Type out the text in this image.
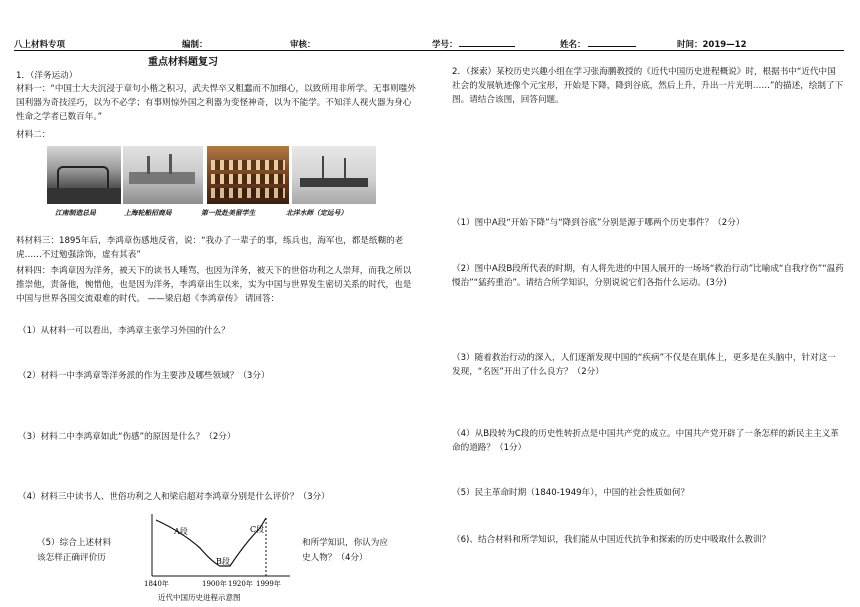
八上材料专项	编制：	审核：	学号：	姓名：	时间：2019—12
重点材料题复习
1．（洋务运动）
材料一：“中国士大夫沉浸于章句小楷之积习，武夫悍卒又粗蠢而不加细心，以致所用非所学。无事则嗤外国利器为奇技淫巧，以为不必学；有事则惊外国之利器为变怪神奇，以为不能学。不知洋人视火器为身心性命之学者已数百年。”
材料二：
江南制造总局	上海轮船招商局	第一批赴美留学生	北洋水师（定远号）
料材料三：1895年后，李鸿章伤感地反省，说：“我办了一辈子的事，练兵也，海军也，都是纸糊的老虎……不过勉强涂饰，虚有其表”
材料四：李鸿章因为洋务，被天下的读书人唾骂，也因为洋务，被天下的世俗功利之人崇拜，而我之所以推崇他，责备他，惋惜他，也是因为洋务，李鸿章出生以来，实为中国与世界发生密切关系的时代，也是中国与世界各国交流艰难的时代。 ——梁启超《李鸿章传》 请回答：
（1）从材料一可以看出，李鸿章主张学习外国的什么？
（2）材料一中李鸿章等洋务派的作为主要涉及哪些领域？（3分）
（3）材料二中李鸿章如此“伤感”的原因是什么？（2分）
（4）材料三中读书人、世俗功利之人和梁启超对李鸿章分别是什么评价？（3分）
（5）综合上述材料
该怎样正确评价历
和所学知识，你认为应
史人物？（4分）
A段
B段
C段
1840年	1900年 1920年 1999年
近代中国历史进程示意图
2．（探索）某校历史兴趣小组在学习张海鹏教授的《近代中国历史进程概说》时，根据书中“近代中国社会的发展轨迹像个元宝形，开始是下降，降到谷底，然后上升，升出一片光明……”的描述，绘制了下图。请结合该图，回答问题。
（1）图中A段“开始下降”与“降到谷底”分别是源于哪两个历史事件？（2分）
（2）图中A段B段所代表的时期，有人将先进的中国人展开的一场场“救治行动”比喻成“自我疗伤”“温药慢治”“猛药重治”。请结合所学知识，分别说说它们各指什么运动。(3分)
（3）随着救治行动的深入，人们逐渐发现中国的“疾病”不仅是在肌体上，更多是在头脑中，针对这一发现，“名医”开出了什么良方？（2分）
（4）从B段转为C段的历史性转折点是中国共产党的成立。中国共产党开辟了一条怎样的新民主主义革命的道路？（1分）
（5）民主革命时期（1840-1949年），中国的社会性质如何？
（6)、结合材料和所学知识，我们能从中国近代抗争和探索的历史中吸取什么教训？
